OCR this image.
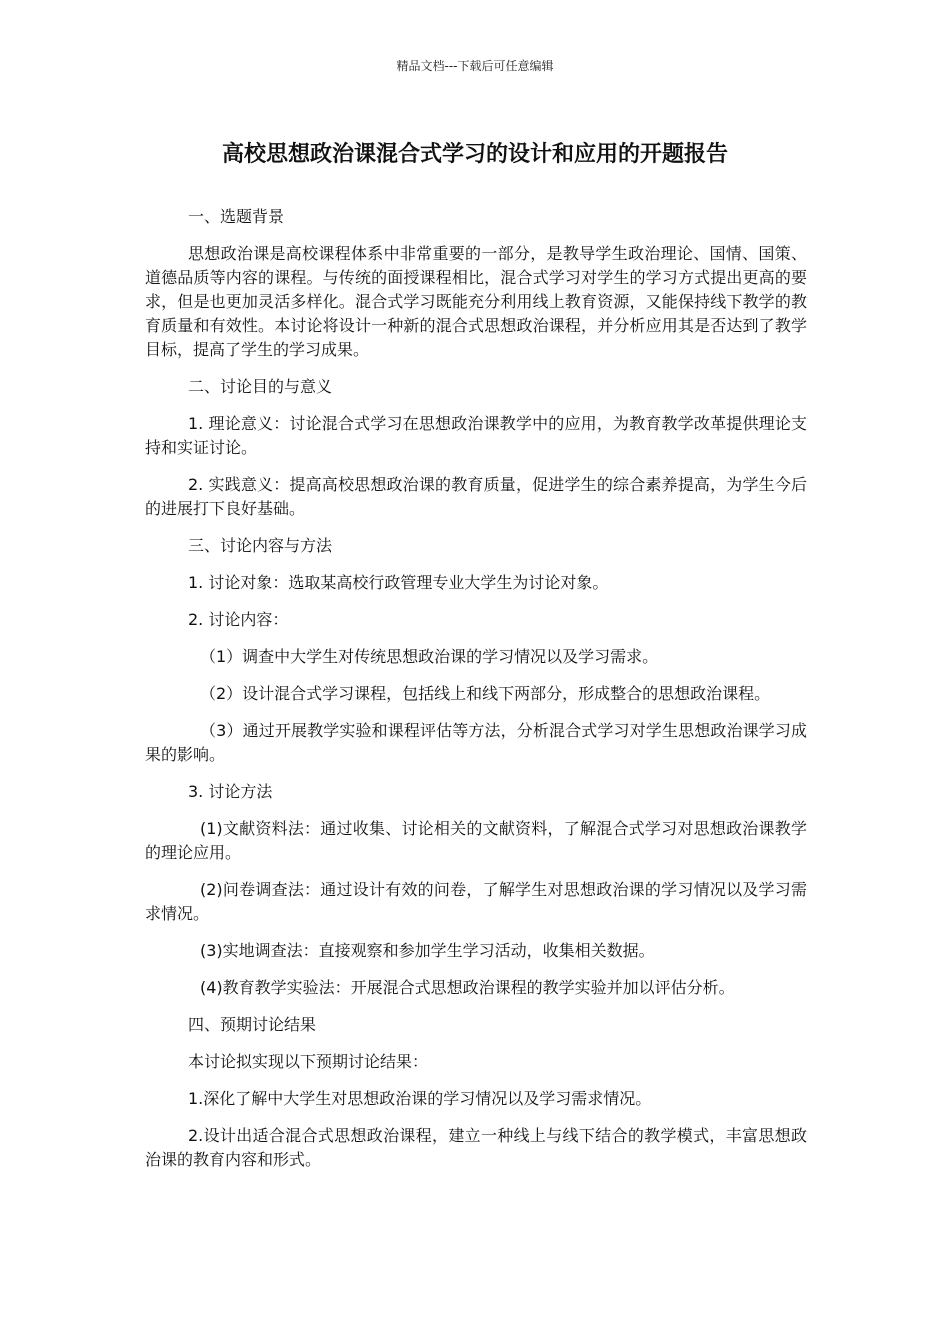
精品文档---下载后可任意编辑
高校思想政治课混合式学习的设计和应用的开题报告

一、选题背景

思想政治课是高校课程体系中非常重要的一部分，是教导学生政治理论、国情、国策、道德品质等内容的课程。与传统的面授课程相比，混合式学习对学生的学习方式提出更高的要求，但是也更加灵活多样化。混合式学习既能充分利用线上教育资源，又能保持线下教学的教育质量和有效性。本讨论将设计一种新的混合式思想政治课程，并分析应用其是否达到了教学目标，提高了学生的学习成果。

二、讨论目的与意义

1. 理论意义：讨论混合式学习在思想政治课教学中的应用，为教育教学改革提供理论支持和实证讨论。

2. 实践意义：提高高校思想政治课的教育质量，促进学生的综合素养提高，为学生今后的进展打下良好基础。

三、讨论内容与方法

1. 讨论对象：选取某高校行政管理专业大学生为讨论对象。

2. 讨论内容：

（1）调查中大学生对传统思想政治课的学习情况以及学习需求。

（2）设计混合式学习课程，包括线上和线下两部分，形成整合的思想政治课程。

（3）通过开展教学实验和课程评估等方法，分析混合式学习对学生思想政治课学习成果的影响。

3. 讨论方法

(1)文献资料法：通过收集、讨论相关的文献资料，了解混合式学习对思想政治课教学的理论应用。

(2)问卷调查法：通过设计有效的问卷，了解学生对思想政治课的学习情况以及学习需求情况。

(3)实地调查法：直接观察和参加学生学习活动，收集相关数据。

(4)教育教学实验法：开展混合式思想政治课程的教学实验并加以评估分析。

四、预期讨论结果

本讨论拟实现以下预期讨论结果：

1.深化了解中大学生对思想政治课的学习情况以及学习需求情况。

2.设计出适合混合式思想政治课程，建立一种线上与线下结合的教学模式，丰富思想政治课的教育内容和形式。
